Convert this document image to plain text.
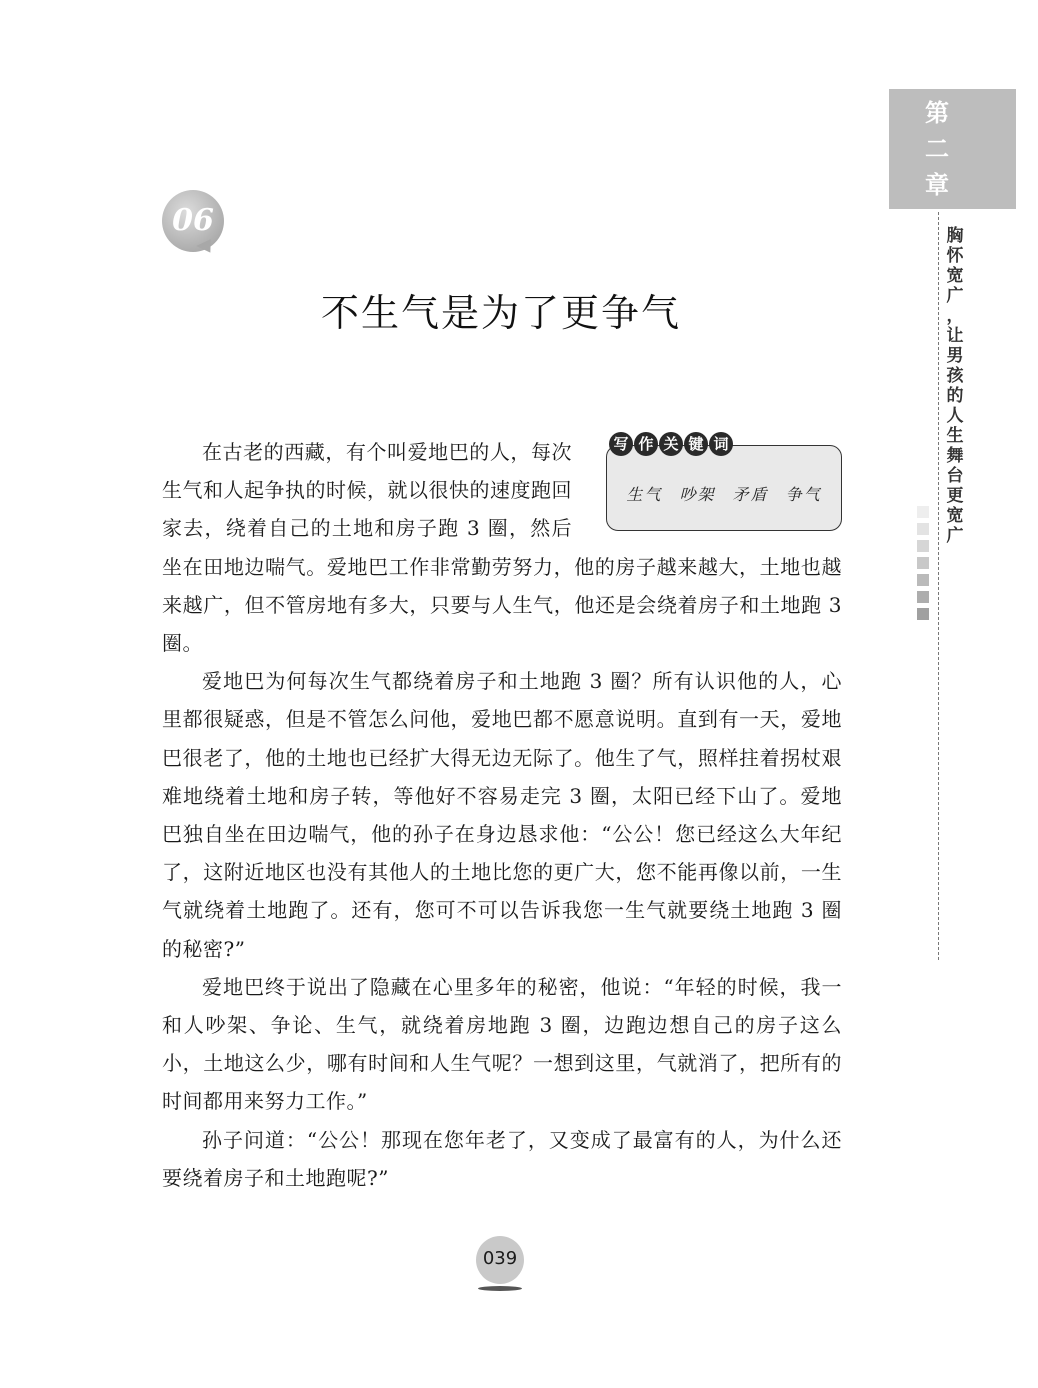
第
二
章
胸
怀
宽
广
，
让
男
孩
的
人
生
舞
台
更
宽
广
06
不生气是为了更争气
写 作 关 键 词
生气 吵架 矛盾 争气

在古老的西藏，有个叫爱地巴的人，每次生气和人起争执的时候，就以很快的速度跑回家去，绕着自己的土地和房子跑 3 圈，然后坐在田地边喘气。爱地巴工作非常勤劳努力，他的房子越来越大，土地也越来越广，但不管房地有多大，只要与人生气，他还是会绕着房子和土地跑 3 圈。

爱地巴为何每次生气都绕着房子和土地跑 3 圈？所有认识他的人，心里都很疑惑，但是不管怎么问他，爱地巴都不愿意说明。直到有一天，爱地巴很老了，他的土地也已经扩大得无边无际了。他生了气，照样拄着拐杖艰难地绕着土地和房子转，等他好不容易走完 3 圈，太阳已经下山了。爱地巴独自坐在田边喘气，他的孙子在身边恳求他：“公公！您已经这么大年纪了，这附近地区也没有其他人的土地比您的更广大，您不能再像以前，一生气就绕着土地跑了。还有，您可不可以告诉我您一生气就要绕土地跑 3 圈的秘密?”

爱地巴终于说出了隐藏在心里多年的秘密，他说：“年轻的时候，我一和人吵架、争论、生气，就绕着房地跑 3 圈，边跑边想自己的房子这么小，土地这么少，哪有时间和人生气呢？一想到这里，气就消了，把所有的时间都用来努力工作。”

孙子问道：“公公！那现在您年老了，又变成了最富有的人，为什么还要绕着房子和土地跑呢?”

039
